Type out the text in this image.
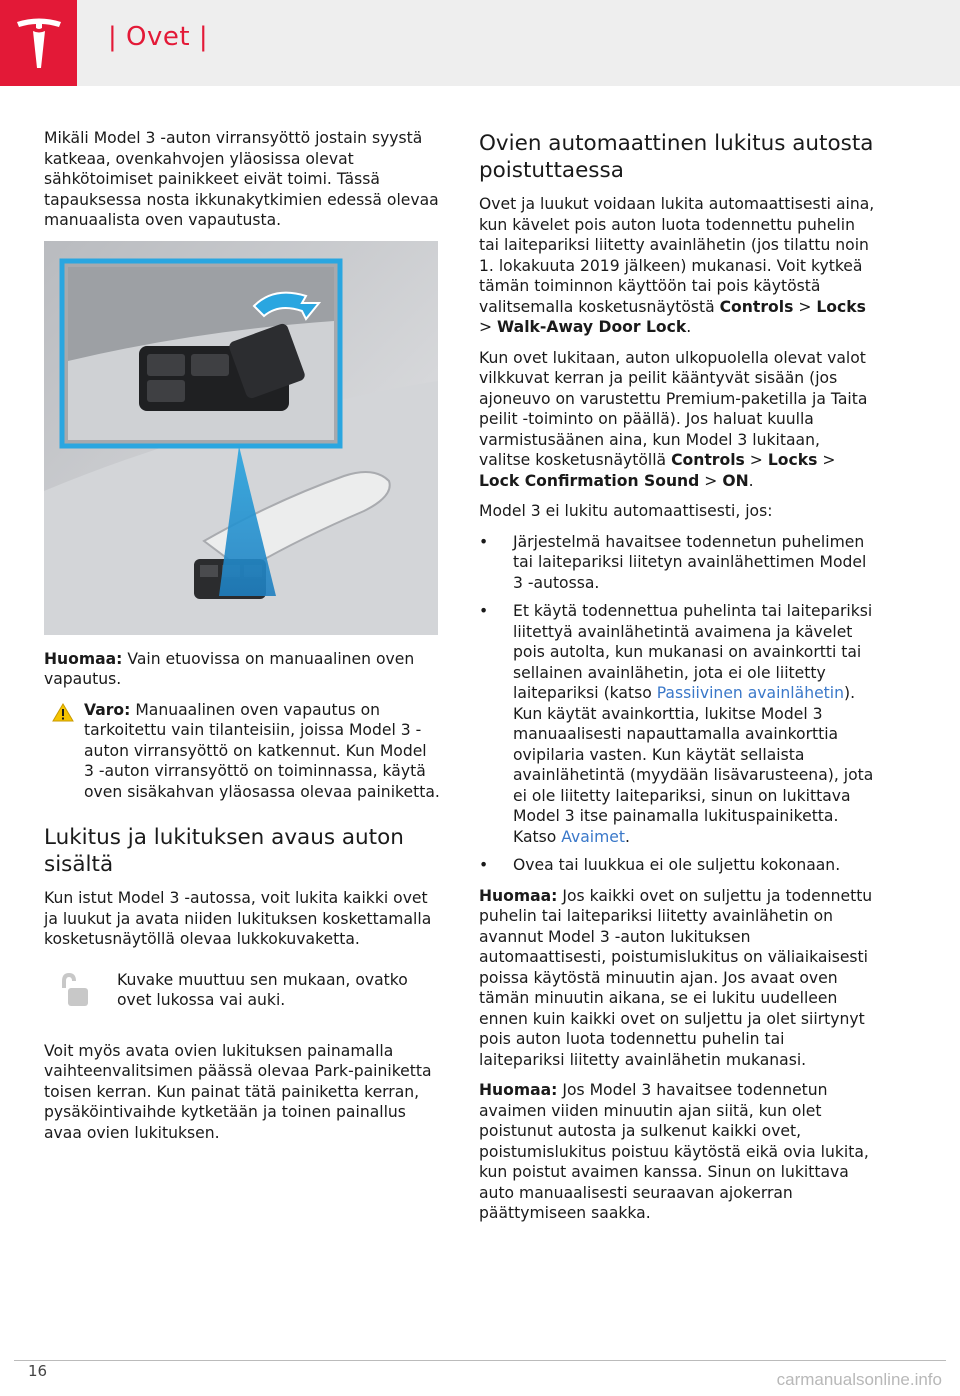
| Ovet |

Mikäli Model 3 -auton virransyöttö jostain syystä katkeaa, ovenkahvojen yläosissa olevat sähkötoimiset painikkeet eivät toimi. Tässä tapauksessa nosta ikkunakytkimien edessä olevaa manuaalista oven vapautusta.

Huomaa: Vain etuovissa on manuaalinen oven vapautus.

Varo: Manuaalinen oven vapautus on tarkoitettu vain tilanteisiin, joissa Model 3 -auton virransyöttö on katkennut. Kun Model 3 -auton virransyöttö on toiminnassa, käytä oven sisäkahvan yläosassa olevaa painiketta.
Lukitus ja lukituksen avaus auton sisältä

Kun istut Model 3 -autossa, voit lukita kaikki ovet ja luukut ja avata niiden lukituksen koskettamalla kosketusnäytöllä olevaa lukkokuvaketta.

Kuvake muuttuu sen mukaan, ovatko ovet lukossa vai auki.

Voit myös avata ovien lukituksen painamalla vaihteenvalitsimen päässä olevaa Park-painiketta toisen kerran. Kun painat tätä painiketta kerran, pysäköintivaihde kytketään ja toinen painallus avaa ovien lukituksen.

Ovien automaattinen lukitus autosta poistuttaessa

Ovet ja luukut voidaan lukita automaattisesti aina, kun kävelet pois auton luota todennettu puhelin tai laitepariksi liitetty avainlähetin (jos tilattu noin 1. lokakuuta 2019 jälkeen) mukanasi. Voit kytkeä tämän toiminnon käyttöön tai pois käytöstä valitsemalla kosketusnäytöstä Controls > Locks > Walk-Away Door Lock.

Kun ovet lukitaan, auton ulkopuolella olevat valot vilkkuvat kerran ja peilit kääntyvät sisään (jos ajoneuvo on varustettu Premium-paketilla ja Taita peilit -toiminto on päällä). Jos haluat kuulla varmistusäänen aina, kun Model 3 lukitaan, valitse kosketusnäytöllä Controls > Locks > Lock Confirmation Sound > ON.

Model 3 ei lukitu automaattisesti, jos:

• Järjestelmä havaitsee todennetun puhelimen tai laitepariksi liitetyn avainlähettimen Model 3 -autossa.
• Et käytä todennettua puhelinta tai laitepariksi liitettyä avainlähetintä avaimena ja kävelet pois autolta, kun mukanasi on avainkortti tai sellainen avainlähetin, jota ei ole liitetty laitepariksi (katso Passiivinen avainlähetin). Kun käytät avainkorttia, lukitse Model 3 manuaalisesti napauttamalla avainkorttia ovipilaria vasten. Kun käytät sellaista avainlähetintä (myydään lisävarusteena), jota ei ole liitetty laitepariksi, sinun on lukittava Model 3 itse painamalla lukituspainiketta. Katso Avaimet.
• Ovea tai luukkua ei ole suljettu kokonaan.

Huomaa: Jos kaikki ovet on suljettu ja todennettu puhelin tai laitepariksi liitetty avainlähetin on avannut Model 3 -auton lukituksen automaattisesti, poistumislukitus on väliaikaisesti poissa käytöstä minuutin ajan. Jos avaat oven tämän minuutin aikana, se ei lukitu uudelleen ennen kuin kaikki ovet on suljettu ja olet siirtynyt pois auton luota todennettu puhelin tai laitepariksi liitetty avainlähetin mukanasi.

Huomaa: Jos Model 3 havaitsee todennetun avaimen viiden minuutin ajan siitä, kun olet poistunut autosta ja sulkenut kaikki ovet, poistumislukitus poistuu käytöstä eikä ovia lukita, kun poistut avaimen kanssa. Sinun on lukittava auto manuaalisesti seuraavan ajokerran päättymiseen saakka.

16	carmanualsonline.info
